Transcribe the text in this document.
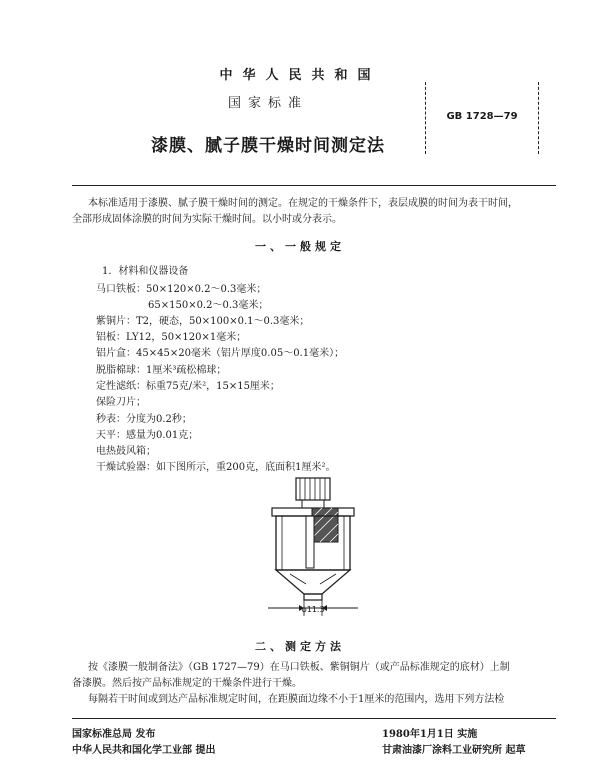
中华人民共和国
国家标准
漆膜、腻子膜干燥时间测定法
GB 1728—79
本标准适用于漆膜、腻子膜干燥时间的测定。在规定的干燥条件下，表层成膜的时间为表干时间，
全部形成固体涂膜的时间为实际干燥时间。以小时或分表示。
一、一般规定
1．材料和仪器设备
马口铁板：50×120×0.2～0.3毫米；
65×150×0.2～0.3毫米；
紫铜片：T2，硬态，50×100×0.1～0.3毫米；
铝板：LY12，50×120×1毫米；
铝片盒：45×45×20毫米（铝片厚度0.05～0.1毫米）；
脱脂棉球：1厘米³疏松棉球；
定性滤纸：标重75克/米²，15×15厘米；
保险刀片；
秒表：分度为0.2秒；
天平：感量为0.01克；
电热鼓风箱；
干燥试验器：如下图所示，重200克，底面积1厘米²。
ϕ11.3
二、测定方法
按《漆膜一般制备法》（GB 1727—79）在马口铁板、紫铜铜片（或产品标准规定的底材）上制
备漆膜。然后按产品标准规定的干燥条件进行干燥。
每隔若干时间或到达产品标准规定时间，在距膜面边缘不小于1厘米的范围内，选用下列方法检
国家标准总局 发布	1980年1月1日 实施
中华人民共和国化学工业部 提出	甘肃油漆厂涂料工业研究所 起草
